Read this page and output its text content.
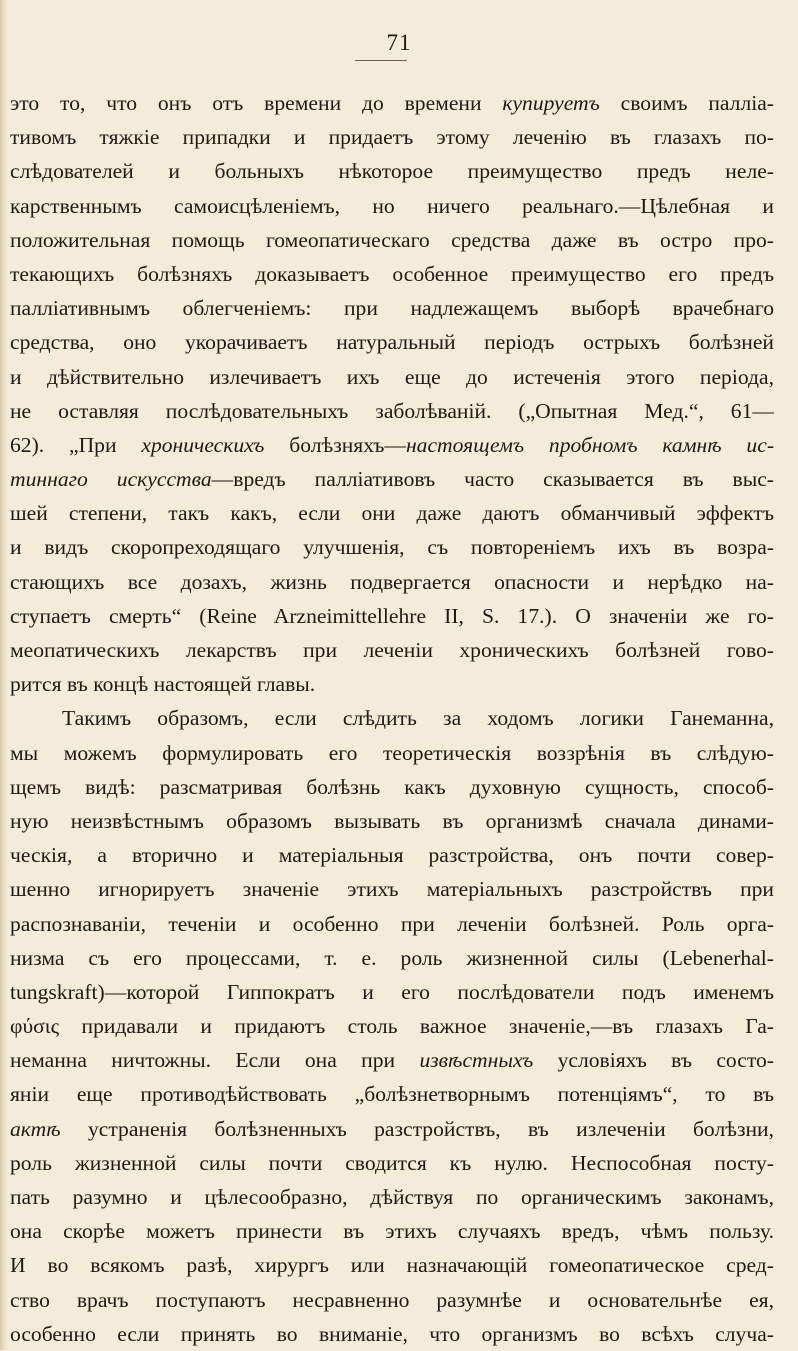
71
это то, что онъ отъ времени до времени купируетъ своимъ паллiа-
тивомъ тяжкiе припадки и придаетъ этому леченiю въ глазахъ по-
слѣдователей и больныхъ нѣкоторое преимущество предъ неле-
карственнымъ самоисцѣленiемъ, но ничего реальнаго.—Цѣлебная и
положительная помощь гомеопатическаго средства даже въ остро про-
текающихъ болѣзняхъ доказываетъ особенное преимущество его предъ
паллiативнымъ облегченiемъ: при надлежащемъ выборѣ врачебнаго
средства, оно укорачиваетъ натуральный перiодъ острыхъ болѣзней
и дѣйствительно излечиваетъ ихъ еще до истеченiя этого перiода,
не оставляя послѣдовательныхъ заболѣванiй. („Опытная Мед.“, 61—
62). „При хроническихъ болѣзняхъ—настоящемъ пробномъ камнѣ ис-
тиннаго искусства—вредъ паллiативовъ часто сказывается въ выс-
шей степени, такъ какъ, если они даже даютъ обманчивый эффектъ
и видъ скоропреходящаго улучшенiя, съ повторенiемъ ихъ въ возра-
стающихъ все дозахъ, жизнь подвергается опасности и нерѣдко на-
ступаетъ смерть“ (Reine Arzneimittellehre II, S. 17.). О значенiи же го-
меопатическихъ лекарствъ при леченiи хроническихъ болѣзней гово-
рится въ концѣ настоящей главы.
Такимъ образомъ, если слѣдить за ходомъ логики Ганеманна,
мы можемъ формулировать его теоретическiя воззрѣнiя въ слѣдую-
щемъ видѣ: разсматривая болѣзнь какъ духовную сущность, способ-
ную неизвѣстнымъ образомъ вызывать въ организмѣ сначала динами-
ческiя, а вторично и матерiальныя разстройства, онъ почти совер-
шенно игнорируетъ значенiе этихъ матерiальныхъ разстройствъ при
распознаванiи, теченiи и особенно при леченiи болѣзней. Роль орга-
низма съ его процессами, т. е. роль жизненной силы (Lebenerhal-
tungskraft)—которой Гиппократъ и его послѣдователи подъ именемъ
φύσις придавали и придаютъ столь важное значенiе,—въ глазахъ Га-
неманна ничтожны. Если она при извѣстныхъ условiяхъ въ состо-
янiи еще противодѣйствовать „болѣзнетворнымъ потенцiямъ“, то въ
актѣ устраненiя болѣзненныхъ разстройствъ, въ излеченiи болѣзни,
роль жизненной силы почти сводится къ нулю. Неспособная посту-
пать разумно и цѣлесообразно, дѣйствуя по органическимъ законамъ,
она скорѣе можетъ принести въ этихъ случаяхъ вредъ, чѣмъ пользу.
И во всякомъ разѣ, хирургъ или назначающiй гомеопатическое сред-
ство врачъ поступаютъ несравненно разумнѣе и основательнѣе ея,
особенно если принять во вниманiе, что организмъ во всѣхъ случа-
